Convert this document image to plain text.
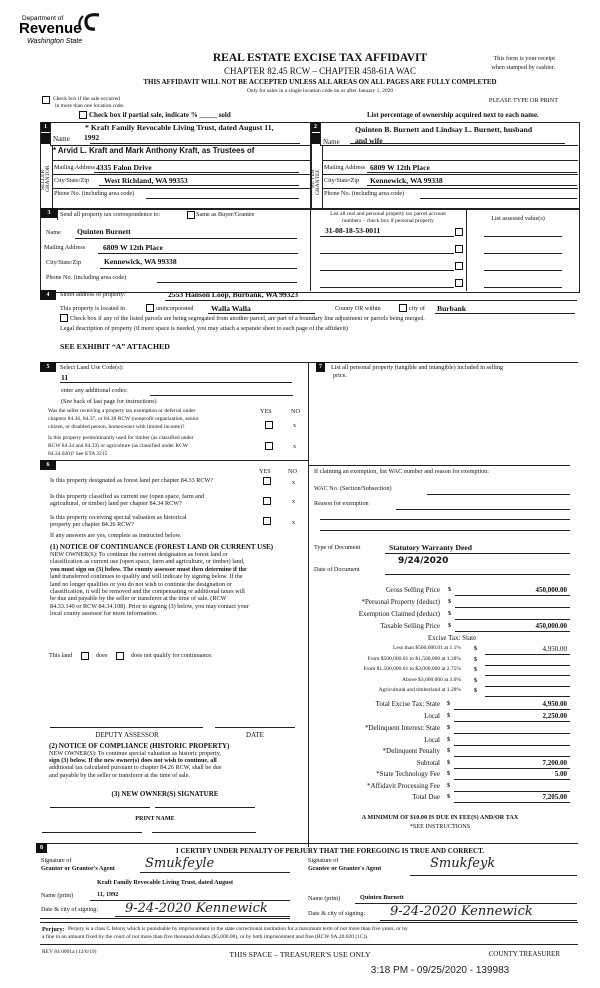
Department of
Revenue
Washington State
REAL ESTATE EXCISE TAX AFFIDAVIT
CHAPTER 82.45 RCW – CHAPTER 458-61A WAC
THIS AFFIDAVIT WILL NOT BE ACCEPTED UNLESS ALL AREAS ON ALL PAGES ARE FULLY COMPLETED
Only for sales in a single location code on or after January 1, 2020
This form is your receipt
when stamped by cashier.
Check box if the sale occurred
in more than one location code.
PLEASE TYPE OR PRINT
Check box if partial sale, indicate % _____ sold	List percentage of ownership acquired next to each name.
1	2
SELLER GRANTOR	BUYER GRANTEE
* Kraft Family Revocable Living Trust, dated August 11,
Name 1992
* Arvid L. Kraft and Mark Anthony Kraft, as Trustees of
Mailing Address 4335 Falon Drive
City/State/Zip West Richland, WA 99353
Phone No. (including area code)
Quinten B. Burnett and Lindsay L. Burnett, husband
Name and wife
Mailing Address 6809 W 12th Place
City/State/Zip Kennewick, WA 99338
Phone No. (including area code)
3	Send all property tax correspondence to:	Same as Buyer/Grantee
Name Quinten Burnett
Mailing Address 6809 W 12th Place
City/State/Zip	Kennewick, WA 99338
Phone No. (including area code)
List all real and personal property tax parcel account
numbers – check box if personal property	List assessed value(s)
31-08-18-53-0011
4	Street address of property:	2553 Hanson Loop, Burbank, WA 99323
This property is located in	unincorporated Walla Walla	County OR within	city of Burbank
Check box if any of the listed parcels are being segregated from another parcel, are part of a boundary line adjustment or parcels being merged.
Legal description of property (if more space is needed, you may attach a separate sheet to each page of the affidavit)
SEE EXHIBIT “A” ATTACHED
5	Select Land Use Code(s):
11
enter any additional codes:
(See back of last page for instructions)
YES	NO
Was the seller receiving a property tax exemption or deferral under
chapters 84.36, 84.37, or 84.38 RCW (nonprofit organization, senior
citizen, or disabled person, homeowner with limited income)?	x
Is this property predominantly used for timber (as classified under
RCW 84.34 and 84.33) or agriculture (as classified under RCW
84.34.020)? See ETA 3215
x
6
YES	NO
Is this property designated as forest land per chapter 84.33 RCW?	x
Is this property classified as current use (open space, farm and
agricultural, or timber) land per chapter 84.34 RCW?	x
Is this property receiving special valuation as historical
property per chapter 84.26 RCW?	x
If any answers are yes, complete as instructed below.
(1) NOTICE OF CONTINUANCE (FOREST LAND OR CURRENT USE)
NEW OWNER(S): To continue the current designation as forest land or
classification as current use (open space, farm and agriculture, or timber) land,
you must sign on (3) below. The county assessor must then determine if the
land transferred continues to qualify and will indicate by signing below. If the
land no longer qualifies or you do not wish to continue the designation or
classification, it will be removed and the compensating or additional taxes will
be due and payable by the seller or transferor at the time of sale. (RCW
84.33.140 or RCW 84.34.108). Prior to signing (3) below, you may contact your
local county assessor for more information.
This land	does	does not qualify for continuance.
DEPUTY ASSESSOR	DATE
(2) NOTICE OF COMPLIANCE (HISTORIC PROPERTY)
NEW OWNER(S): To continue special valuation as historic property,
sign (3) below. If the new owner(s) does not wish to continue, all
additional tax calculated pursuant to chapter 84.26 RCW, shall be due
and payable by the seller or transferor at the time of sale.
(3) NEW OWNER(S) SIGNATURE
PRINT NAME
7	List all personal property (tangible and intangible) included in selling
price.
If claiming an exemption, list WAC number and reason for exemption:
WAC No. (Section/Subsection)
Reason for exemption
Type of Document	Statutory Warranty Deed
9/24/2020
Date of Document
Gross Selling Price $	450,000.00
*Personal Property (deduct) $
Exemption Claimed (deduct) $
Taxable Selling Price $	450,000.00
Excise Tax: State
Less than $500,000.01 at 1.1% $	4,950.00
From $500,000.01 to $1,500,000 at 1.28% $
From $1,500,000.01 to $3,000,000 at 2.75% $
Above $3,000,000 at 3.0% $
Agricultural and timberland at 1.28% $
Total Excise Tax: State $	4,950.00
Local $	2,250.00
*Delinquent Interest: State $
Local $
*Delinquent Penalty $
Subtotal $	7,200.00
*State Technology Fee $	5.00
*Affidavit Processing Fee $
Total Due $	7,205.00
A MINIMUM OF $10.00 IS DUE IN FEE(S) AND/OR TAX
*SEE INSTRUCTIONS
8	I CERTIFY UNDER PENALTY OF PERJURY THAT THE FOREGOING IS TRUE AND CORRECT.
Signature of
Grantor or Grantor's Agent Smukfeyle
Kraft Family Revocable Living Trust, dated August
Name (print)	11, 1992
Date & city of signing: 9-24-2020 Kennewick
Signature of
Grantee or Grantee's Agent	Smukfeyk
Name (print)	Quinten Burnett
Date & city of signing: 9-24-2020 Kennewick
Perjury: Perjury is a class C felony which is punishable by imprisonment in the state correctional institution for a maximum term of not more than five years, or by
a fine in an amount fixed by the court of not more than five thousand dollars ($5,000.00), or by both imprisonment and fine (RCW 9A.20.020 (1C)).
REV 84 0001a (12/6/19)	THIS SPACE – TREASURER'S USE ONLY	COUNTY TREASURER
3:18 PM - 09/25/2020 - 139983
